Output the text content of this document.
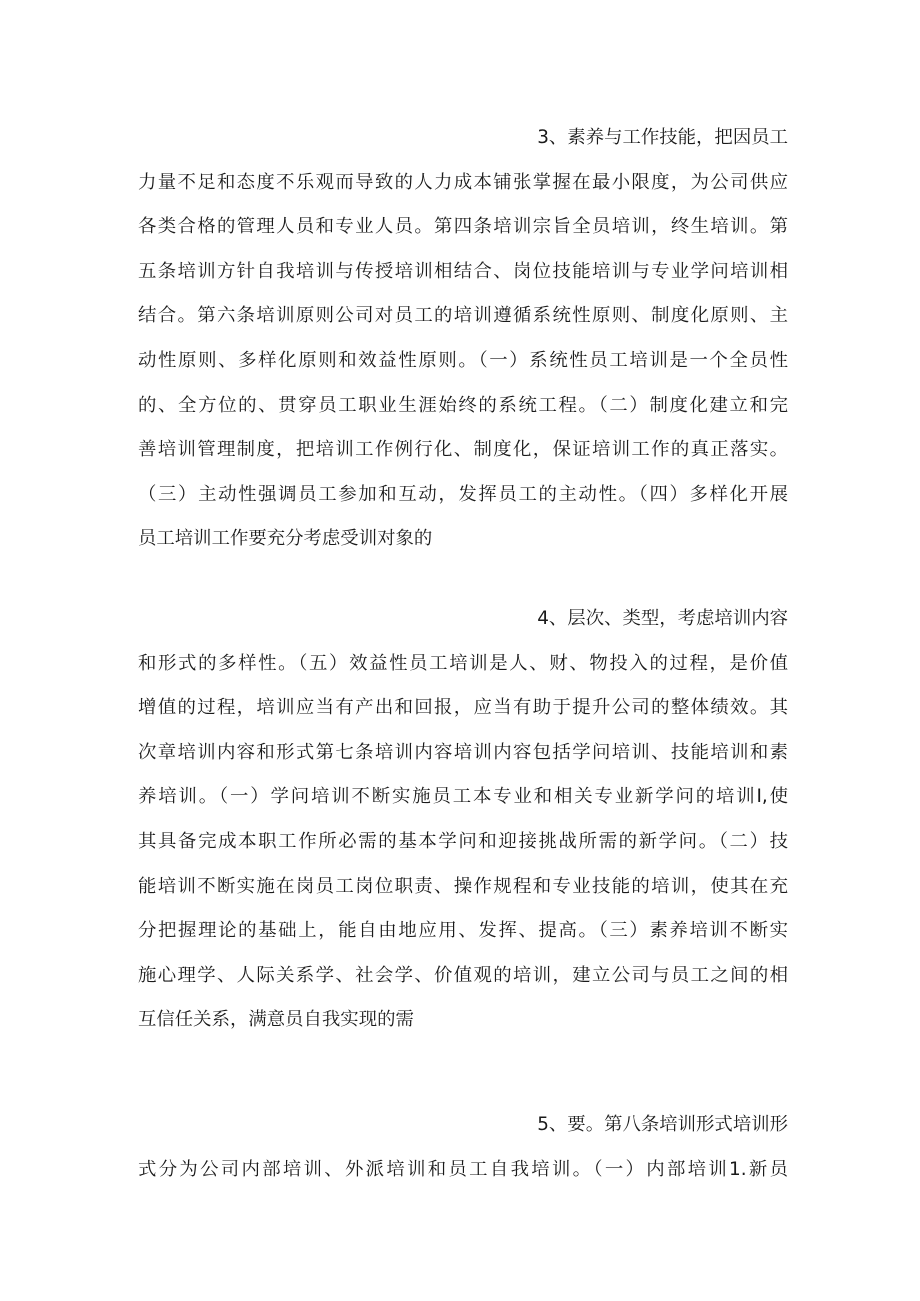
3、素养与工作技能，把因员工
力量不足和态度不乐观而导致的人力成本铺张掌握在最小限度，为公司供应
各类合格的管理人员和专业人员。第四条培训宗旨全员培训，终生培训。第
五条培训方针自我培训与传授培训相结合、岗位技能培训与专业学问培训相
结合。第六条培训原则公司对员工的培训遵循系统性原则、制度化原则、主
动性原则、多样化原则和效益性原则。（一）系统性员工培训是一个全员性
的、全方位的、贯穿员工职业生涯始终的系统工程。（二）制度化建立和完
善培训管理制度，把培训工作例行化、制度化，保证培训工作的真正落实。
（三）主动性强调员工参加和互动，发挥员工的主动性。（四）多样化开展
员工培训工作要充分考虑受训对象的
4、层次、类型，考虑培训内容
和形式的多样性。（五）效益性员工培训是人、财、物投入的过程，是价值
增值的过程，培训应当有产出和回报，应当有助于提升公司的整体绩效。其
次章培训内容和形式第七条培训内容培训内容包括学问培训、技能培训和素
养培训。（一）学问培训不断实施员工本专业和相关专业新学问的培训I,使
其具备完成本职工作所必需的基本学问和迎接挑战所需的新学问。（二）技
能培训不断实施在岗员工岗位职责、操作规程和专业技能的培训，使其在充
分把握理论的基础上，能自由地应用、发挥、提高。（三）素养培训不断实
施心理学、人际关系学、社会学、价值观的培训，建立公司与员工之间的相
互信任关系，满意员自我实现的需
5、要。第八条培训形式培训形
式分为公司内部培训、外派培训和员工自我培训。（一）内部培训1.新员
